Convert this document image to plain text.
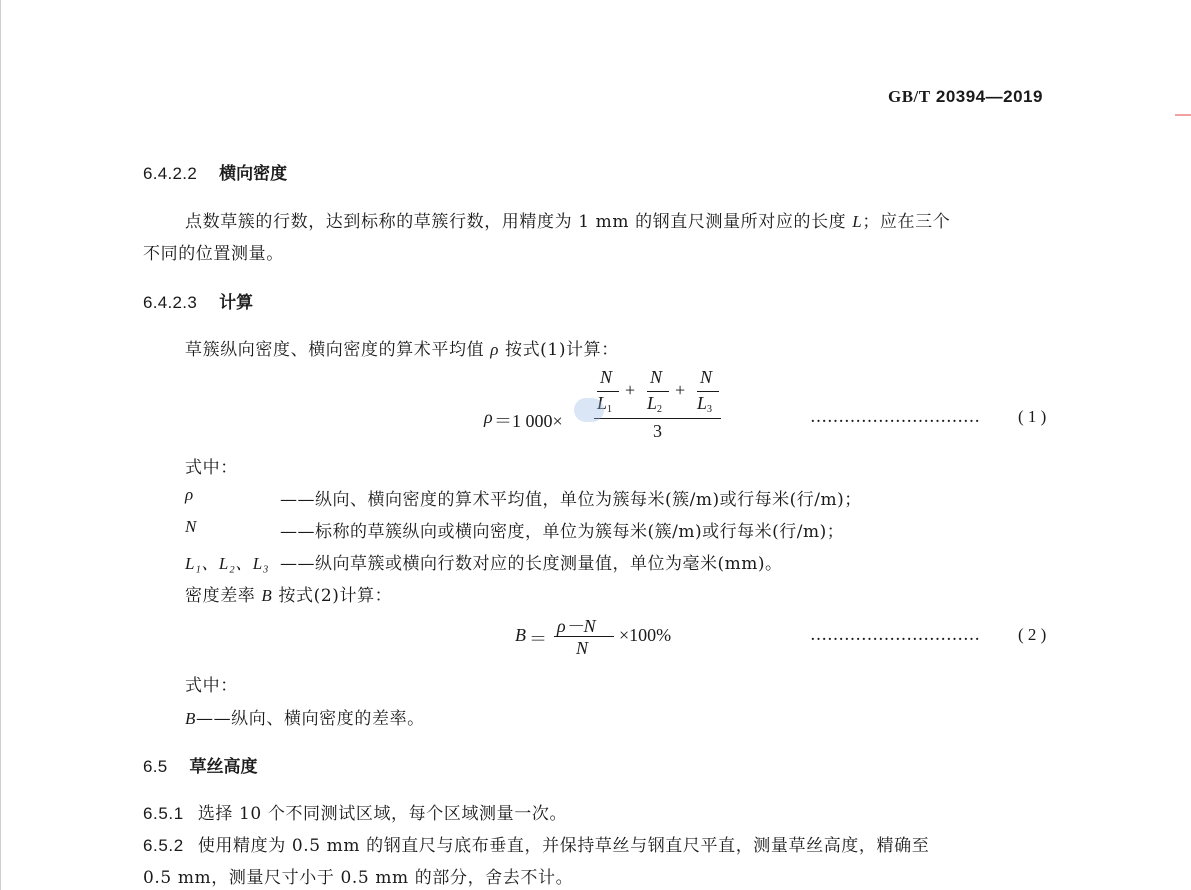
GB/T 20394—2019
6.4.2.2 横向密度
点数草簇的行数，达到标称的草簇行数，用精度为 1 mm 的钢直尺测量所对应的长度 L；应在三个
不同的位置测量。
6.4.2.3 计算
草簇纵向密度、横向密度的算术平均值 ρ 按式(1)计算：
ρ ＝1 000×
N
$L_1$
+
N
$L_2$
+
N
$L_3$
3
………………………… ( 1 )
式中：
ρ	——纵向、横向密度的算术平均值，单位为簇每米(簇/m)或行每米(行/m)；
N	——标称的草簇纵向或横向密度，单位为簇每米(簇/m)或行每米(行/m)；
L₁、L₂、L₃ ——纵向草簇或横向行数对应的长度测量值，单位为毫米(mm)。
密度差率 B 按式(2)计算：
B ＝
ρ－N
N
×100%	………………………… ( 2 )
式中：
B——纵向、横向密度的差率。
6.5 草丝高度
6.5.1 选择 10 个不同测试区域，每个区域测量一次。
6.5.2 使用精度为 0.5 mm 的钢直尺与底布垂直，并保持草丝与钢直尺平直，测量草丝高度，精确至
0.5 mm，测量尺寸小于 0.5 mm 的部分，舍去不计。
